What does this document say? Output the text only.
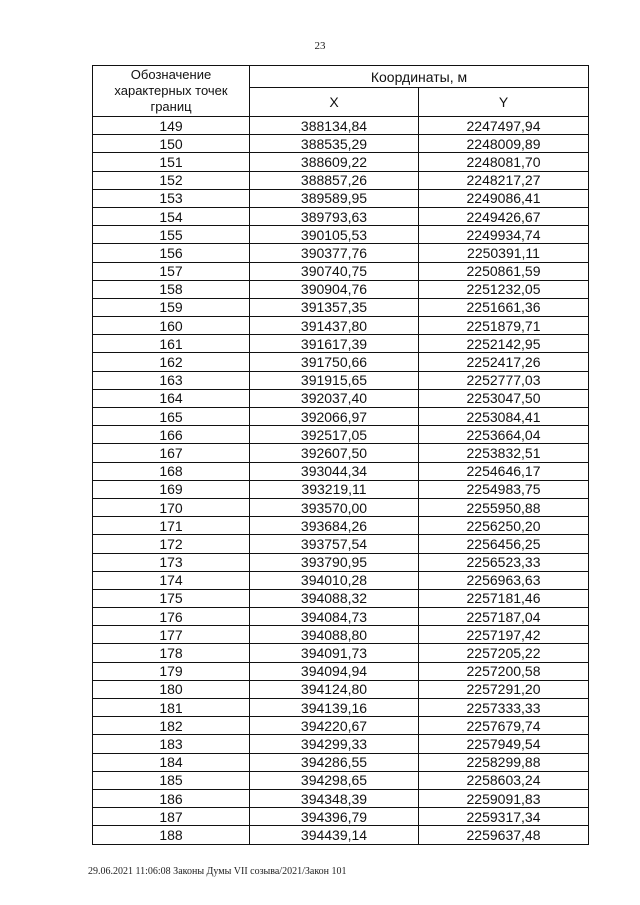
23
Обозначение характерных точек границ	Координаты, м	
	X	Y
149	388134,84	2247497,94
150	388535,29	2248009,89
151	388609,22	2248081,70
152	388857,26	2248217,27
153	389589,95	2249086,41
154	389793,63	2249426,67
155	390105,53	2249934,74
156	390377,76	2250391,11
157	390740,75	2250861,59
158	390904,76	2251232,05
159	391357,35	2251661,36
160	391437,80	2251879,71
161	391617,39	2252142,95
162	391750,66	2252417,26
163	391915,65	2252777,03
164	392037,40	2253047,50
165	392066,97	2253084,41
166	392517,05	2253664,04
167	392607,50	2253832,51
168	393044,34	2254646,17
169	393219,11	2254983,75
170	393570,00	2255950,88
171	393684,26	2256250,20
172	393757,54	2256456,25
173	393790,95	2256523,33
174	394010,28	2256963,63
175	394088,32	2257181,46
176	394084,73	2257187,04
177	394088,80	2257197,42
178	394091,73	2257205,22
179	394094,94	2257200,58
180	394124,80	2257291,20
181	394139,16	2257333,33
182	394220,67	2257679,74
183	394299,33	2257949,54
184	394286,55	2258299,88
185	394298,65	2258603,24
186	394348,39	2259091,83
187	394396,79	2259317,34
188	394439,14	2259637,48
29.06.2021 11:06:08 Законы Думы VII созыва/2021/Закон 101
